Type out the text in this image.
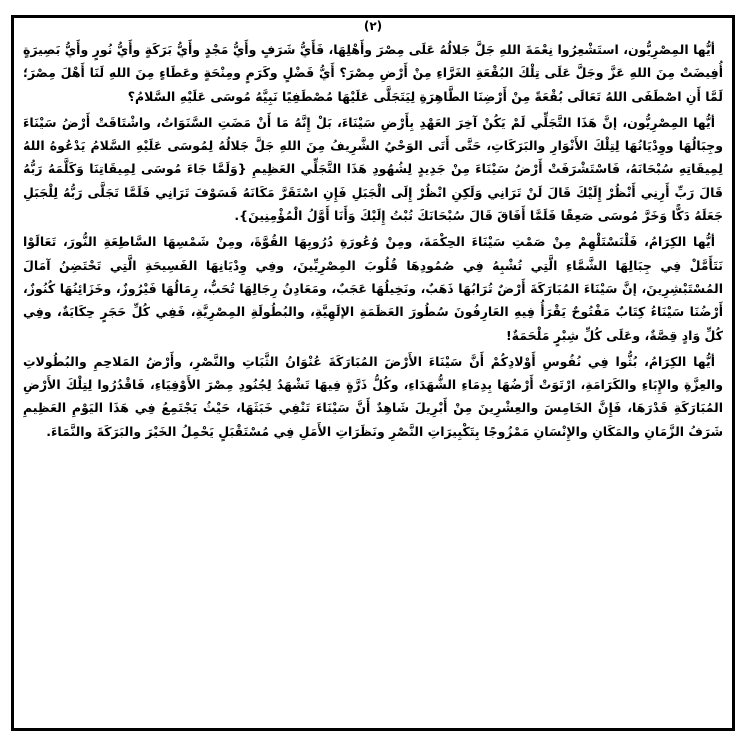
(٢)

أيُّها المِصْرِيُّون، استَشْعِرُوا نِعْمَةَ اللهِ جَلَّ جَلالُهُ عَلَى مِصْرَ وأَهْلِهَا، فَأَيُّ شَرَفٍ وأَيُّ مَجْدٍ وأَيُّ بَرَكَةٍ وأَيُّ نُورٍ وأَيُّ بَصِيرَةٍ أُفِيضَتْ مِنَ اللهِ عَزَّ وجَلَّ عَلَى تِلْكَ البُقْعَةِ الغَرَّاءِ مِنْ أَرْضِ مِصْرَ؟ أَيُّ فَضْلٍ وكَرَمٍ ومِنْحَةٍ وعَطَاءٍ مِنَ اللهِ لَنَا أَهْلَ مِصْرَ؛ لَمَّا أَنِ اصْطَفَى اللهُ تَعَالَى بُقْعَةً مِنْ أَرْضِنَا الطَّاهِرَةِ لِيَتَجَلَّى عَلَيْهَا مُصْطَفِيًا نَبِيَّهُ مُوسَى عَلَيْهِ السَّلامُ؟

أيُّها المِصْرِيُّون، إنَّ هَذَا التَّجَلِّي لَمْ يَكُنْ آخِرَ العَهْدِ بِأَرْضِ سَيْنَاءَ، بَلْ إِنَّهُ مَا أَنْ مَضَتِ السَّنَوَاتُ، واشْتَاقَتْ أَرْضُ سَيْنَاءَ وجِبَالُهَا ووِدْيَانُهَا لِتِلْكَ الأَنْوَارِ والبَرَكَاتِ، حَتَّى أَتَى الوَحْيُ الشَّرِيفُ مِنَ اللهِ جَلَّ جَلالُهُ لِمُوسَى عَلَيْهِ السَّلامُ يَدْعُوهُ اللهُ لِمِيقَاتِهِ سُبْحَانَهُ، فَاسْتَشْرَفَتْ أَرْضُ سَيْنَاءَ مِنْ جَدِيدٍ لِشُهُودِ هَذَا التَّجَلِّي العَظِيمِ {وَلَمَّا جَاءَ مُوسَى لِمِيقَاتِنَا وَكَلَّمَهُ رَبُّهُ قَالَ رَبِّ أَرِنِي أَنْظُرْ إِلَيْكَ قَالَ لَنْ تَرَانِي وَلَكِنِ انْظُرْ إِلَى الْجَبَلِ فَإِنِ اسْتَقَرَّ مَكَانَهُ فَسَوْفَ تَرَانِي فَلَمَّا تَجَلَّى رَبُّهُ لِلْجَبَلِ جَعَلَهُ دَكًّا وَخَرَّ مُوسَى صَعِقًا فَلَمَّا أَفَاقَ قَالَ سُبْحَانَكَ تُبْتُ إِلَيْكَ وَأَنَا أَوَّلُ الْمُؤْمِنِينَ}.

أيُّها الكِرَامُ، فَلْنَسْتَلْهِمْ مِنْ صَمْتِ سَيْنَاءَ الحِكْمَةَ، ومِنْ وُعُورَةِ دُرُوبِهَا القُوَّةَ، ومِنْ شَمْسِهَا السَّاطِعَةِ النُّورَ، تَعَالَوْا نَتَأَمَّلْ فِي جِبَالِهَا الشَّمَّاءِ الَّتِي تُشْبِهُ فِي صُمُودِهَا قُلُوبَ المِصْرِيِّينَ، وفِي وِدْيَانِهَا الفَسِيحَةِ الَّتِي تَحْتَضِنُ آمَالَ المُسْتَبْشِرِينَ، إنَّ سَيْنَاءَ المُبَارَكَةَ أَرْضٌ تُرَابُهَا ذَهَبٌ، ونَخِيلُهَا عَجَبٌ، ومَعَادِنُ رِجَالِهَا تُحَبُّ، رِمَالُهَا فَيْرُوزٌ، وخَزَائِنُهَا كُنُوزٌ، أَرْضُنَا سَيْنَاءُ كِتَابٌ مَفْتُوحٌ يَقْرَأُ فِيهِ العَارِفُونَ سُطُورَ العَظَمَةِ الإلَهِيَّةِ، والبُطُولَةِ المِصْرِيَّةِ، فَفِي كُلِّ حَجَرٍ حِكَايَةٌ، وفِي كُلِّ وَادٍ قِصَّةٌ، وعَلَى كُلِّ شِبْرٍ مَلْحَمَةٌ!

أيُّها الكِرَامُ، بُثُّوا فِي نُفُوسِ أَوْلادِكُمْ أَنَّ سَيْنَاءَ الأَرْضَ المُبَارَكَةَ عُنْوَانُ الثَّبَاتِ والنَّصْرِ، وأَرْضُ المَلاحِمِ والبُطُولاتِ والعِزَّةِ والإِبَاءِ والكَرَامَةِ، ارْتَوَتْ أَرْضُهَا بِدِمَاءِ الشُّهَدَاءِ، وكُلُّ ذَرَّةٍ فِيهَا تَشْهَدُ لِجُنُودِ مِصْرَ الأَوْفِيَاءِ، فَاقْدُرُوا لِتِلْكَ الأَرْضِ المُبَارَكَةِ قَدْرَهَا، فَإِنَّ الخَامِسَ والعِشْرِينَ مِنْ أَبْرِيلَ شَاهِدٌ أَنَّ سَيْنَاءَ تَنْفِي خَبَثَهَا، حَيْثُ يَجْتَمِعُ فِي هَذَا اليَوْمِ العَظِيمِ شَرَفُ الزَّمَانِ والمَكَانِ والإِنْسَانِ مَمْزُوجًا بِتَكْبِيرَاتِ النَّصْرِ ونَظَرَاتِ الأَمَلِ فِي مُسْتَقْبَلٍ يَحْمِلُ الخَيْرَ والبَرَكَةَ والنَّمَاءَ.
